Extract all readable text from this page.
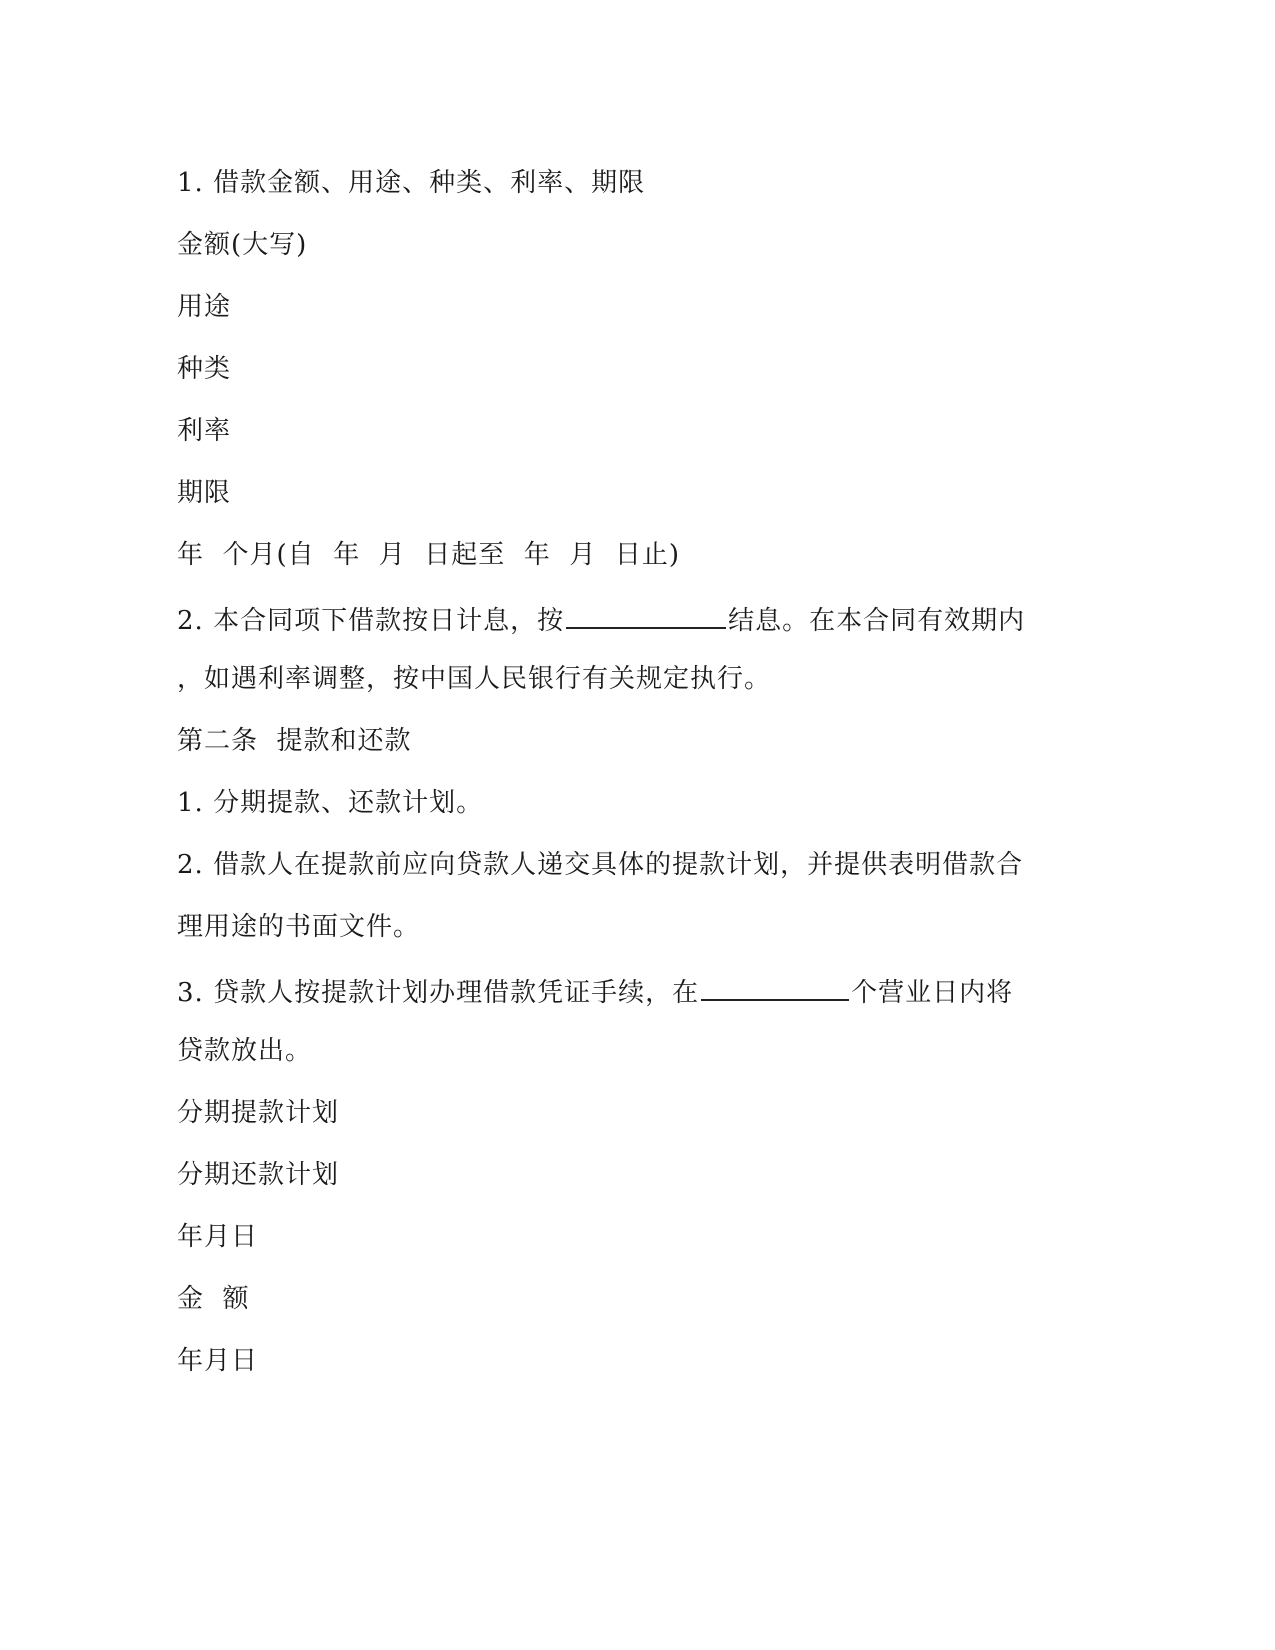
1. 借款金额、用途、种类、利率、期限
金额(大写)
用途
种类
利率
期限
年  个月(自  年  月  日起至  年  月  日止)
2. 本合同项下借款按日计息，按	结息。在本合同有效期内
，如遇利率调整，按中国人民银行有关规定执行。
第二条  提款和还款
1. 分期提款、还款计划。
2. 借款人在提款前应向贷款人递交具体的提款计划，并提供表明借款合
理用途的书面文件。
3. 贷款人按提款计划办理借款凭证手续，在	个营业日内将
贷款放出。
分期提款计划
分期还款计划
年月日
金  额
年月日
